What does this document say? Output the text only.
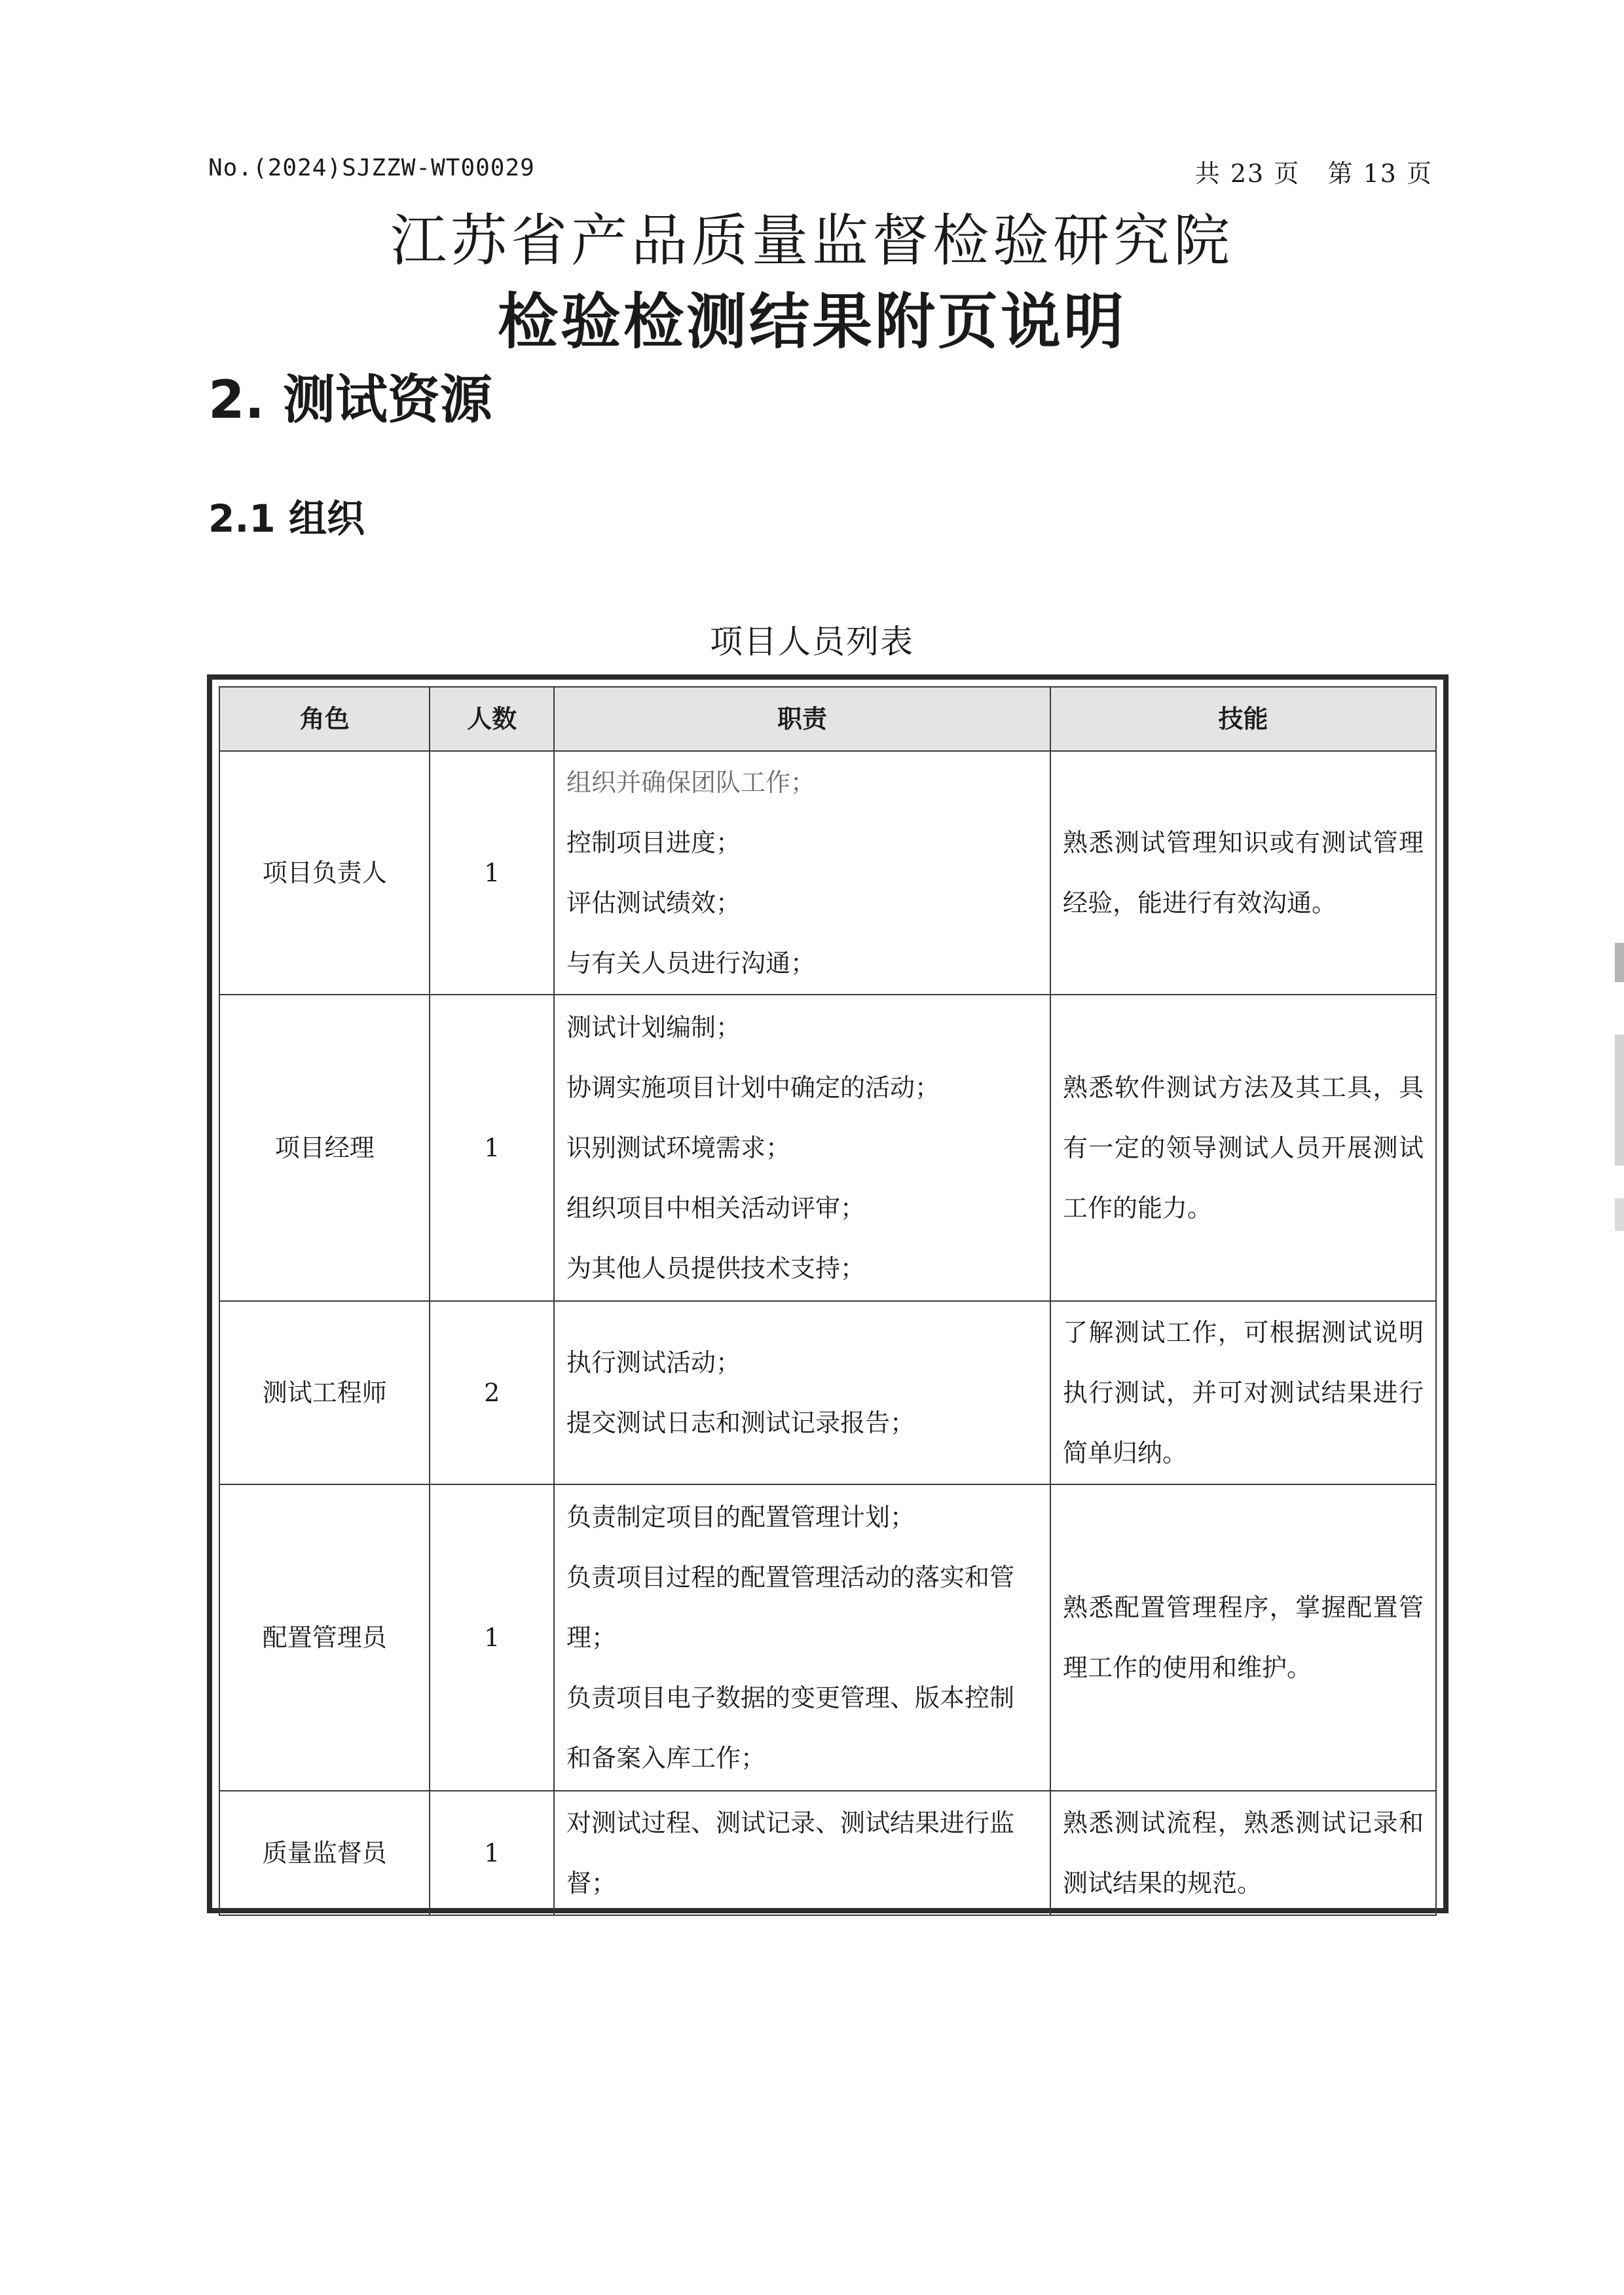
No.(2024)SJZZW-WT00029	共 23 页   第 13 页
江苏省产品质量监督检验研究院
检验检测结果附页说明
2. 测试资源
2.1 组织
项目人员列表
角色	人数	职责	技能
项目负责人	1	组织并确保团队工作；
控制项目进度；
评估测试绩效；
与有关人员进行沟通；	熟悉测试管理知识或有测试管理经验，能进行有效沟通。

项目经理	1	测试计划编制；
协调实施项目计划中确定的活动；
识别测试环境需求；
组织项目中相关活动评审；
为其他人员提供技术支持；	熟悉软件测试方法及其工具，具有一定的领导测试人员开展测试工作的能力。

测试工程师	2	执行测试活动；
提交测试日志和测试记录报告；	了解测试工作，可根据测试说明执行测试，并可对测试结果进行简单归纳。

配置管理员	1	负责制定项目的配置管理计划；
负责项目过程的配置管理活动的落实和管理；
负责项目电子数据的变更管理、版本控制和备案入库工作；	熟悉配置管理程序，掌握配置管理工作的使用和维护。

质量监督员	1	对测试过程、测试记录、测试结果进行监督；	熟悉测试流程，熟悉测试记录和测试结果的规范。
